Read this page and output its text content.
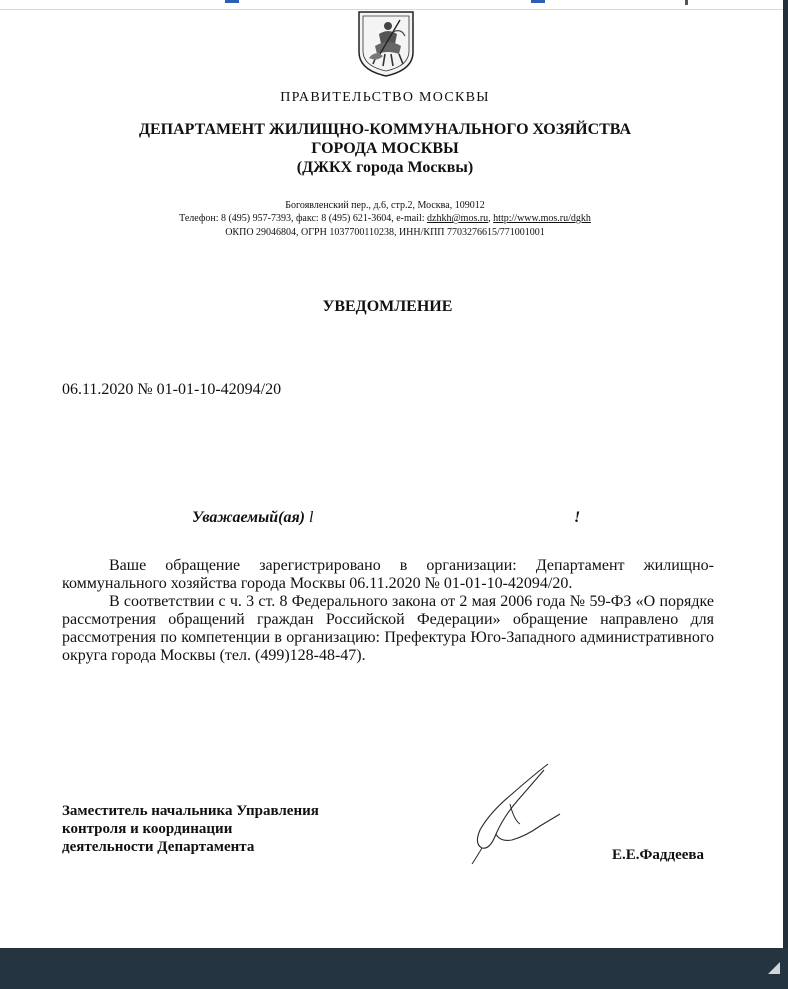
ПРАВИТЕЛЬСТВО МОСКВЫ
ДЕПАРТАМЕНТ ЖИЛИЩНО-КОММУНАЛЬНОГО ХОЗЯЙСТВА
ГОРОДА МОСКВЫ
(ДЖКХ города Москвы)
Богоявленский пер., д.6, стр.2, Москва, 109012
Телефон: 8 (495) 957-7393, факс: 8 (495) 621-3604, e-mail: dzhkh@mos.ru, http://www.mos.ru/dgkh
ОКПО 29046804, ОГРН 1037700110238, ИНН/КПП 7703276615/771001001
УВЕДОМЛЕНИЕ
06.11.2020 № 01-01-10-42094/20
Уважаемый(ая) l	!

Ваше обращение зарегистрировано в организации: Департамент жилищно-коммунального хозяйства города Москвы 06.11.2020 № 01-01-10-42094/20.

В соответствии с ч. 3 ст. 8 Федерального закона от 2 мая 2006 года № 59-ФЗ «О порядке рассмотрения обращений граждан Российской Федерации» обращение направлено для рассмотрения по компетенции в организацию: Префектура Юго-Западного административного округа города Москвы (тел. (499)128-48-47).

Заместитель начальника Управления
контроля и координации
деятельности Департамента	Е.Е.Фаддеева
